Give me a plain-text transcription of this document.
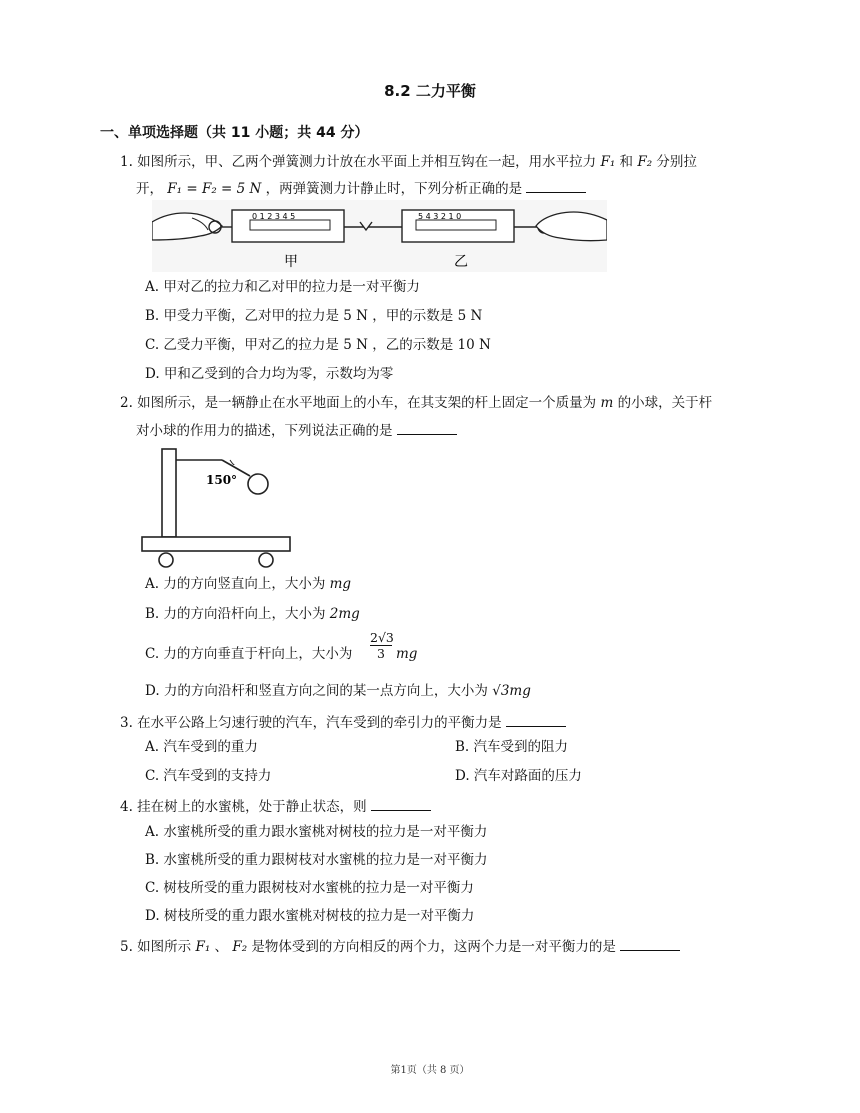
8.2 二力平衡
一、单项选择题（共 11 小题；共 44 分）
1. 如图所示，甲、乙两个弹簧测力计放在水平面上并相互钩在一起，用水平拉力 F₁ 和 F₂ 分别拉
开， F₁ = F₂ = 5 N ，两弹簧测力计静止时，下列分析正确的是
0 1 2 3 4 5	5 4 3 2 1 0
甲	乙
A. 甲对乙的拉力和乙对甲的拉力是一对平衡力
B. 甲受力平衡，乙对甲的拉力是 5 N ，甲的示数是 5 N
C. 乙受力平衡，甲对乙的拉力是 5 N ，乙的示数是 10 N
D. 甲和乙受到的合力均为零，示数均为零
2. 如图所示，是一辆静止在水平地面上的小车，在其支架的杆上固定一个质量为 m 的小球，关于杆
对小球的作用力的描述，下列说法正确的是
150°
A. 力的方向竖直向上，大小为 mg
B. 力的方向沿杆向上，大小为 2mg
C. 力的方向垂直于杆向上，大小为 $\frac{2√3}{3}$ mg
D. 力的方向沿杆和竖直方向之间的某一点方向上，大小为 √3mg
3. 在水平公路上匀速行驶的汽车，汽车受到的牵引力的平衡力是
A. 汽车受到的重力	B. 汽车受到的阻力
C. 汽车受到的支持力	D. 汽车对路面的压力
4. 挂在树上的水蜜桃，处于静止状态，则
A. 水蜜桃所受的重力跟水蜜桃对树枝的拉力是一对平衡力
B. 水蜜桃所受的重力跟树枝对水蜜桃的拉力是一对平衡力
C. 树枝所受的重力跟树枝对水蜜桃的拉力是一对平衡力
D. 树枝所受的重力跟水蜜桃对树枝的拉力是一对平衡力
5. 如图所示 F₁ 、 F₂ 是物体受到的方向相反的两个力，这两个力是一对平衡力的是
第1页（共 8 页）
